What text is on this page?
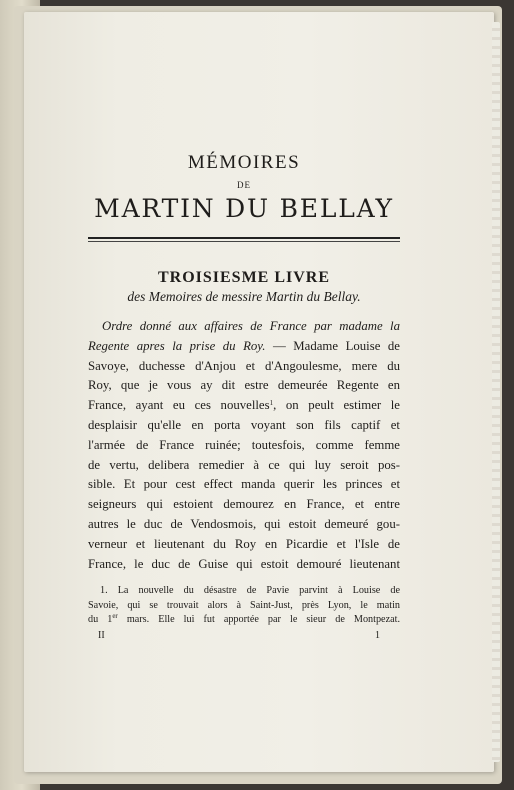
MÉMOIRES

DE

MARTIN DU BELLAY
TROISIESME LIVRE

des Memoires de messire Martin du Bellay.

Ordre donné aux affaires de France par madame la
Regente apres la prise du Roy. — Madame Louise de
Savoye, duchesse d'Anjou et d'Angoulesme, mere du
Roy, que je vous ay dit estre demeurée Regente en
France, ayant eu ces nouvelles$^1$, on peult estimer le
desplaisir qu'elle en porta voyant son fils captif et
l'armée de France ruinée; toutesfois, comme femme
de vertu, delibera remedier à ce qui luy seroit pos-
sible. Et pour cest effect manda querir les princes et
seigneurs qui estoient demourez en France, et entre
autres le duc de Vendosmois, qui estoit demeuré gou-
verneur et lieutenant du Roy en Picardie et l'Isle de
France, le duc de Guise qui estoit demouré lieutenant
1. La nouvelle du désastre de Pavie parvint à Louise de
Savoie, qui se trouvait alors à Saint-Just, près Lyon, le matin
du 1er mars. Elle lui fut apportée par le sieur de Montpezat.
II	1
